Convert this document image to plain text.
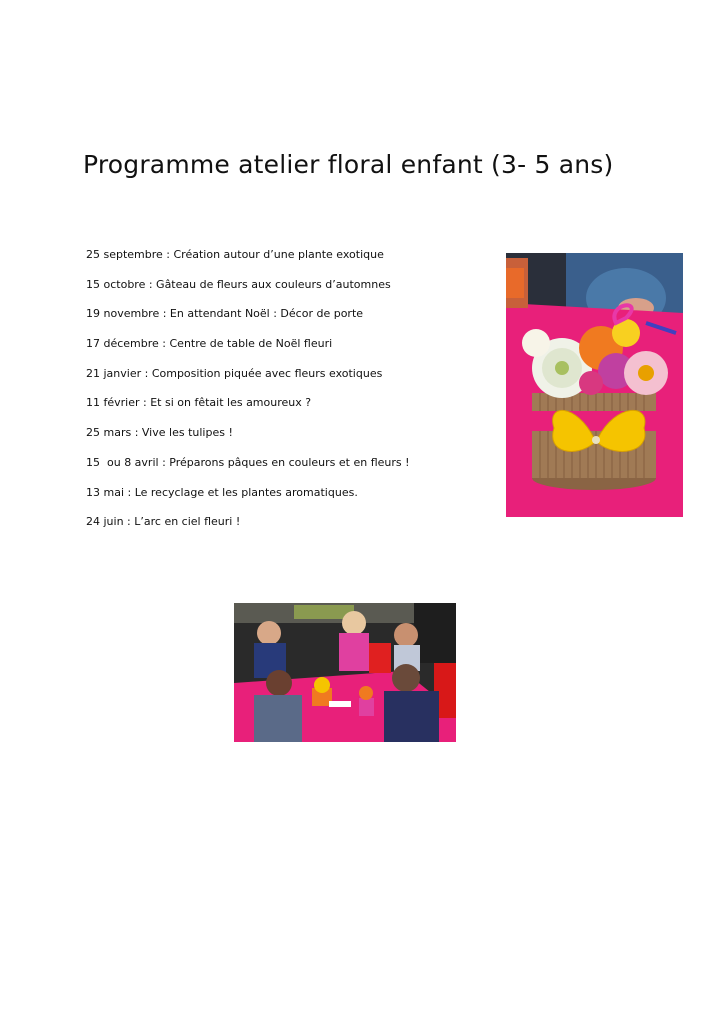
Programme atelier floral enfant (3- 5 ans)
25 septembre : Création autour d’une plante exotique
15 octobre : Gâteau de fleurs aux couleurs d’automnes
19 novembre : En attendant Noël : Décor de porte
17 décembre : Centre de table de Noël fleuri
21 janvier : Composition piquée avec fleurs exotiques
11 février : Et si on fêtait les amoureux ?
25 mars : Vive les tulipes !
15  ou 8 avril : Préparons pâques en couleurs et en fleurs !
13 mai : Le recyclage et les plantes aromatiques.
24 juin : L’arc en ciel fleuri !
